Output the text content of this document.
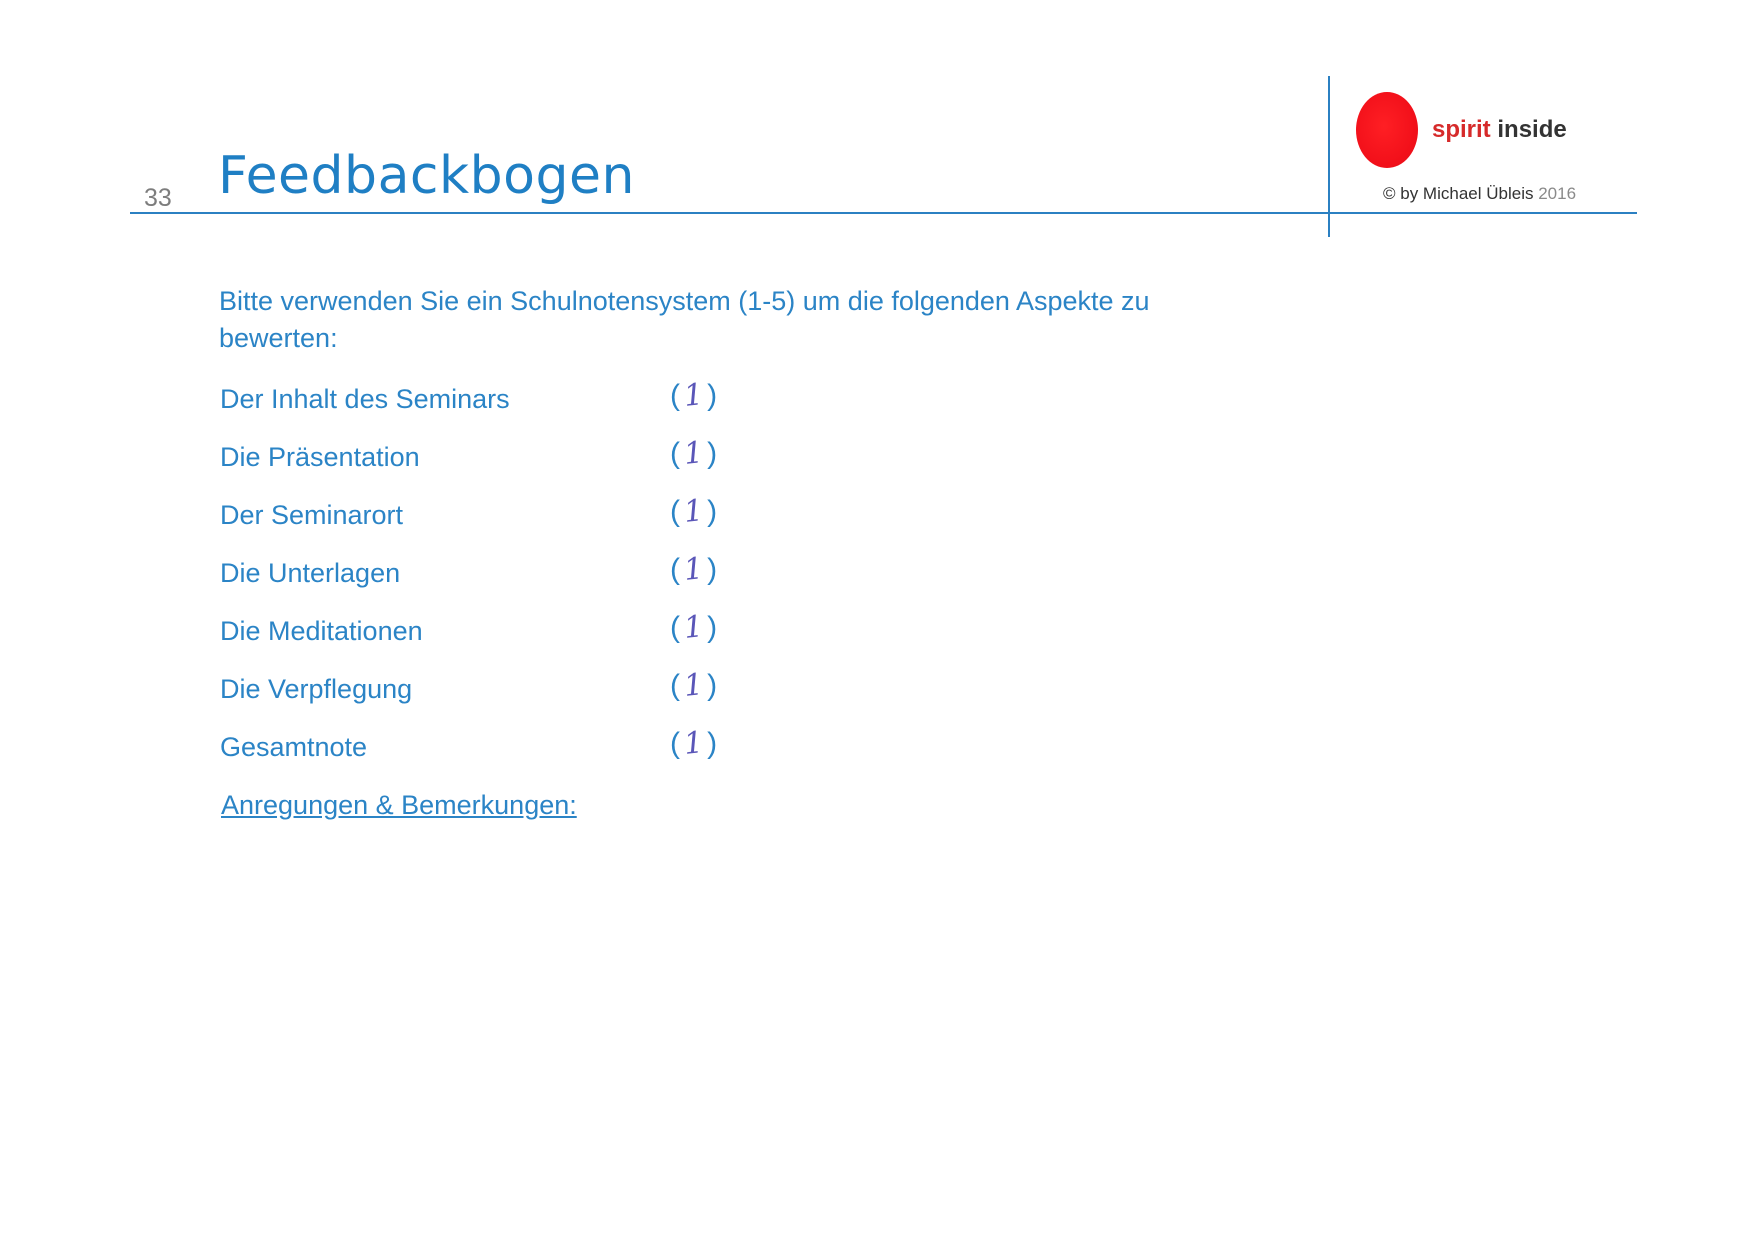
33 Feedbackbogen
spirit inside
© by Michael Übleis 2016
Bitte verwenden Sie ein Schulnotensystem (1-5) um die folgenden Aspekte zu bewerten:
Der Inhalt des Seminars	(1)
Die Präsentation	(1)
Der Seminarort	(1)
Die Unterlagen	(1)
Die Meditationen	(1)
Die Verpflegung	(1)
Gesamtnote	(1)
Anregungen & Bemerkungen:
